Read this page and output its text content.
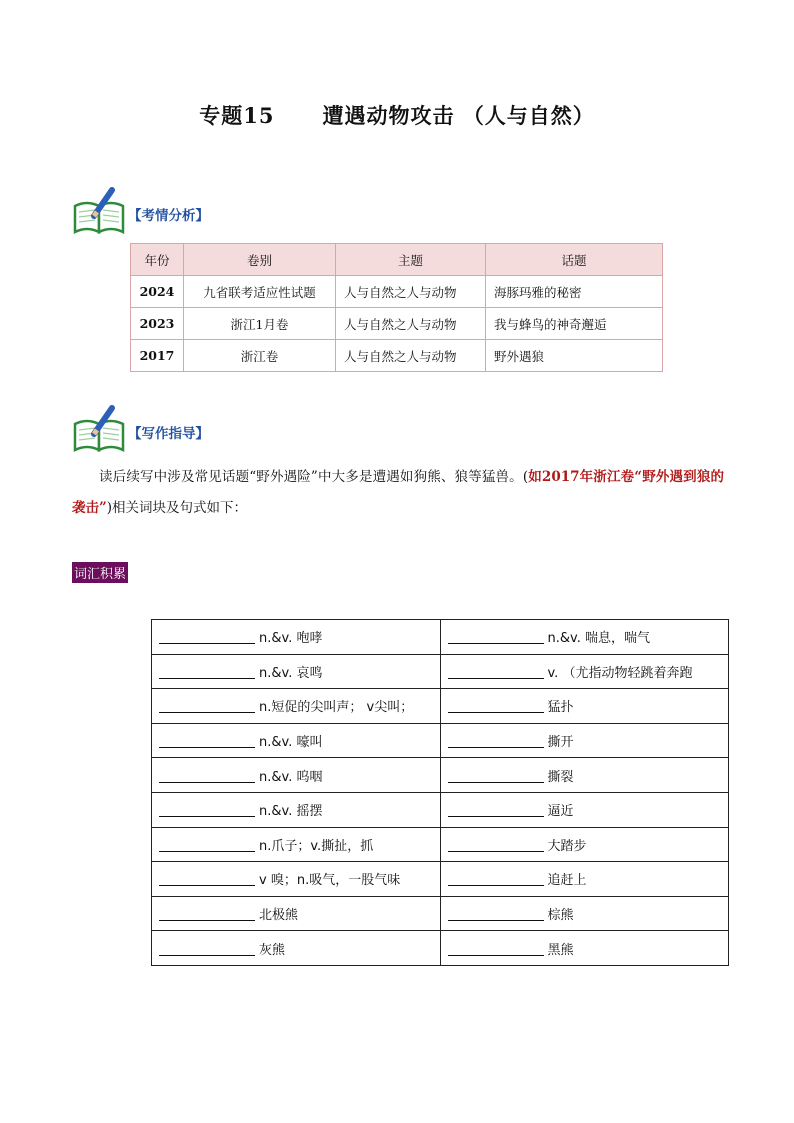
专题15 遭遇动物攻击 （人与自然）
【考情分析】
年份	卷别	主题	话题
2024	九省联考适应性试题	人与自然之人与动物	海豚玛雅的秘密
2023	浙江1月卷	人与自然之人与动物	我与蜂鸟的神奇邂逅
2017	浙江卷	人与自然之人与动物	野外遇狼
【写作指导】

读后续写中涉及常见话题“野外遇险”中大多是遭遇如狗熊、狼等猛兽。(如2017年浙江卷“野外遇到狼的袭击”)相关词块及句式如下：

词汇积累
n.&v. 咆哮	n.&v. 喘息，喘气
n.&v. 哀鸣	v. （尤指动物轻跳着奔跑
n.短促的尖叫声； v尖叫；	猛扑
n.&v. 嚎叫	撕开
n.&v. 呜咽	撕裂
n.&v. 摇摆	逼近
n.爪子；v.撕扯，抓	大踏步
v 嗅；n.吸气，一股气味	追赶上
北极熊	棕熊
灰熊	黑熊
